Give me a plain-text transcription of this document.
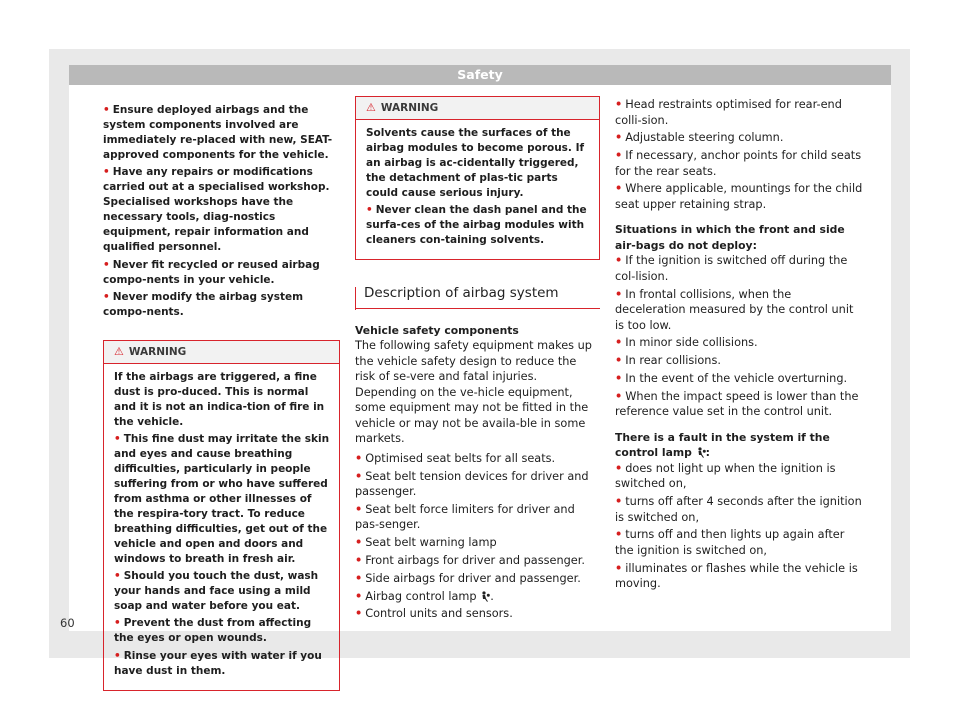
Safety
• Ensure deployed airbags and the system components involved are immediately re-placed with new, SEAT-approved components for the vehicle.
• Have any repairs or modifications carried out at a specialised workshop. Specialised workshops have the necessary tools, diag-nostics equipment, repair information and qualified personnel.
• Never fit recycled or reused airbag compo-nents in your vehicle.
• Never modify the airbag system compo-nents.
⚠ WARNING
If the airbags are triggered, a fine dust is pro-duced. This is normal and it is not an indica-tion of fire in the vehicle.
• This fine dust may irritate the skin and eyes and cause breathing difficulties, particularly in people suffering from or who have suffered from asthma or other illnesses of the respira-tory tract. To reduce breathing difficulties, get out of the vehicle and open and doors and windows to breath in fresh air.
• Should you touch the dust, wash your hands and face using a mild soap and water before you eat.
• Prevent the dust from affecting the eyes or open wounds.
• Rinse your eyes with water if you have dust in them.
⚠ WARNING
Solvents cause the surfaces of the airbag modules to become porous. If an airbag is ac-cidentally triggered, the detachment of plas-tic parts could cause serious injury.
• Never clean the dash panel and the surfa-ces of the airbag modules with cleaners con-taining solvents.
Description of airbag system
Vehicle safety components

The following safety equipment makes up the vehicle safety design to reduce the risk of se-vere and fatal injuries. Depending on the ve-hicle equipment, some equipment may not be fitted in the vehicle or may not be availa-ble in some markets.

• Optimised seat belts for all seats.
• Seat belt tension devices for driver and passenger.
• Seat belt force limiters for driver and pas-senger.
• Seat belt warning lamp
• Front airbags for driver and passenger.
• Side airbags for driver and passenger.
• Airbag control lamp .
• Control units and sensors.
• Head restraints optimised for rear-end colli-sion.
• Adjustable steering column.
• If necessary, anchor points for child seats for the rear seats.
• Where applicable, mountings for the child seat upper retaining strap.
Situations in which the front and side air-bags do not deploy:
• If the ignition is switched off during the col-lision.
• In frontal collisions, when the deceleration measured by the control unit is too low.
• In minor side collisions.
• In rear collisions.
• In the event of the vehicle overturning.
• When the impact speed is lower than the reference value set in the control unit.
There is a fault in the system if the control lamp :
• does not light up when the ignition is switched on,
• turns off after 4 seconds after the ignition is switched on,
• turns off and then lights up again after the ignition is switched on,
• illuminates or flashes while the vehicle is moving.
60
